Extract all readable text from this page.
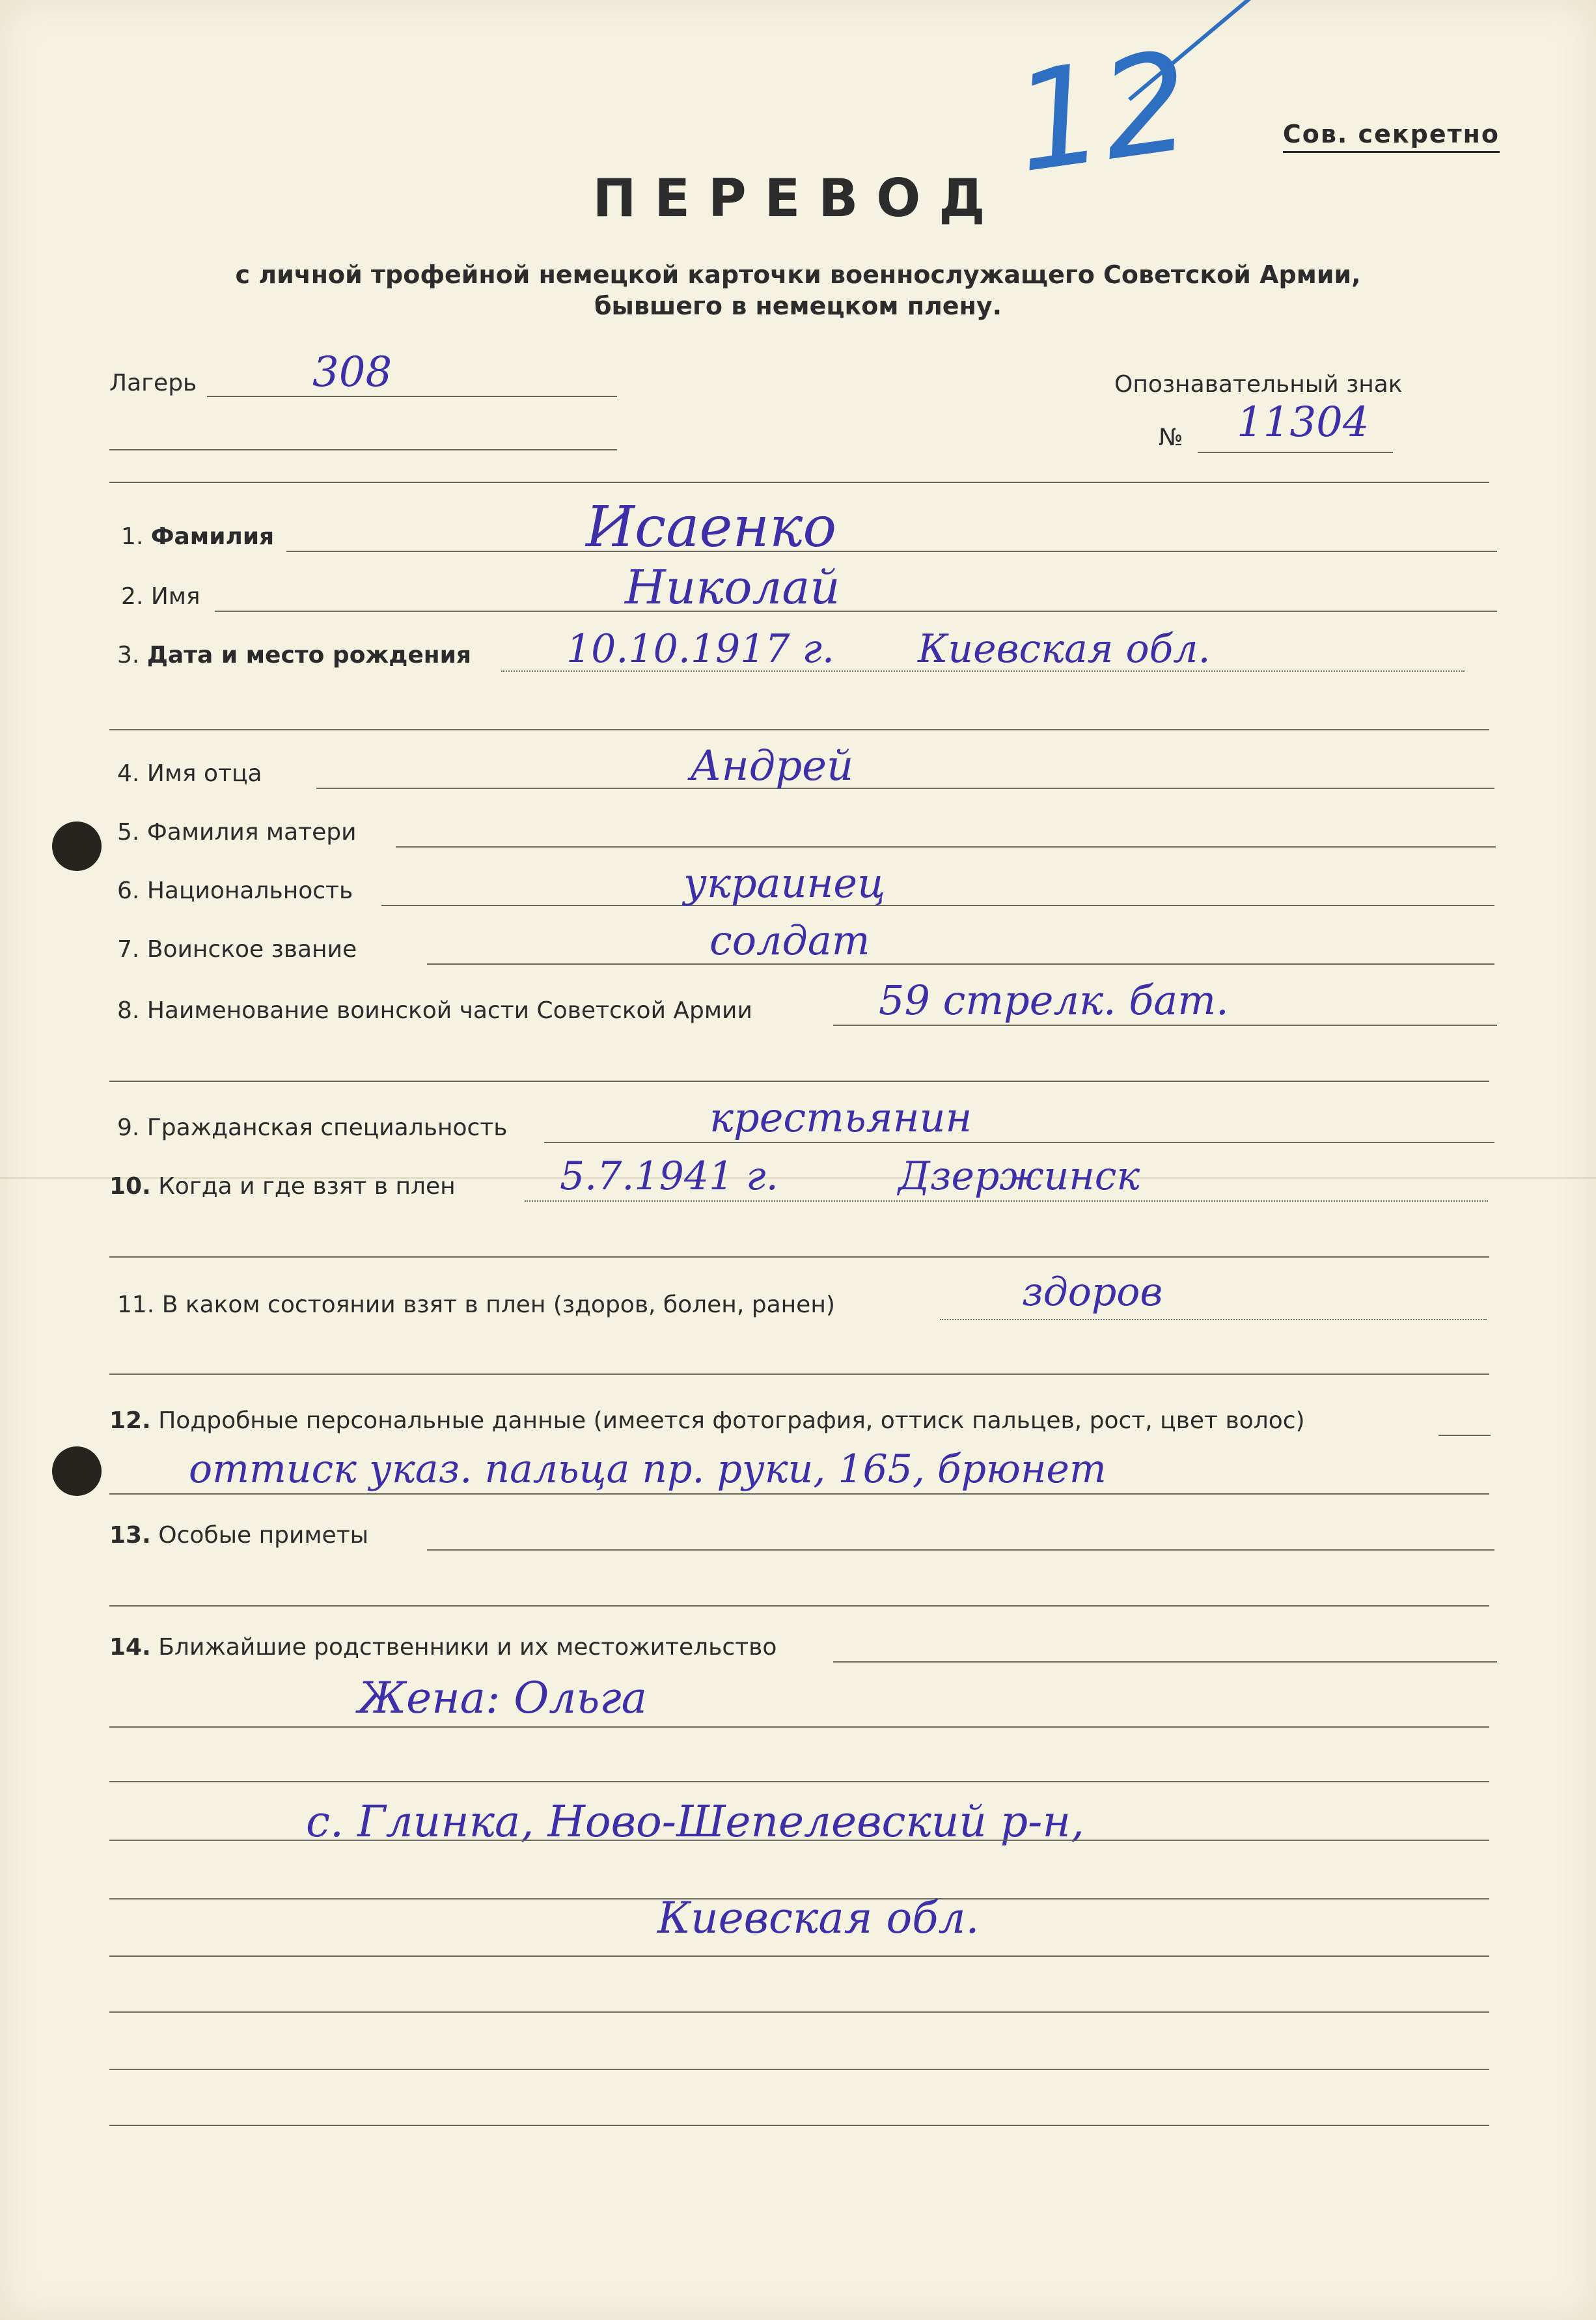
12	Сов. секретно
ПЕРЕВОД
с личной трофейной немецкой карточки военнослужащего Советской Армии,
бывшего в немецком плену.
Лагерь	308	Опознавательный знак
№ 11304
1. Фамилия	Исаенко
2. Имя	Николай
3. Дата и место рождения 10.10.1917 г. Киевская обл.
4. Имя отца	Андрей
5. Фамилия матери
6. Национальность	украинец
7. Воинское звание	солдат
8. Наименование воинской части Советской Армии	59 стрелк. бат.
9. Гражданская специальность	крестьянин
10. Когда и где взят в плен	5.7.1941 г.	Дзержинск
11. В каком состоянии взят в плен (здоров, болен, ранен)	здоров
12. Подробные персональные данные (имеется фотография, оттиск пальцев, рост, цвет волос)
оттиск указ. пальца пр. руки, 165, брюнет
13. Особые приметы
14. Ближайшие родственники и их местожительство
Жена: Ольга
с. Глинка, Ново-Шепелевский р-н,
Киевская обл.
